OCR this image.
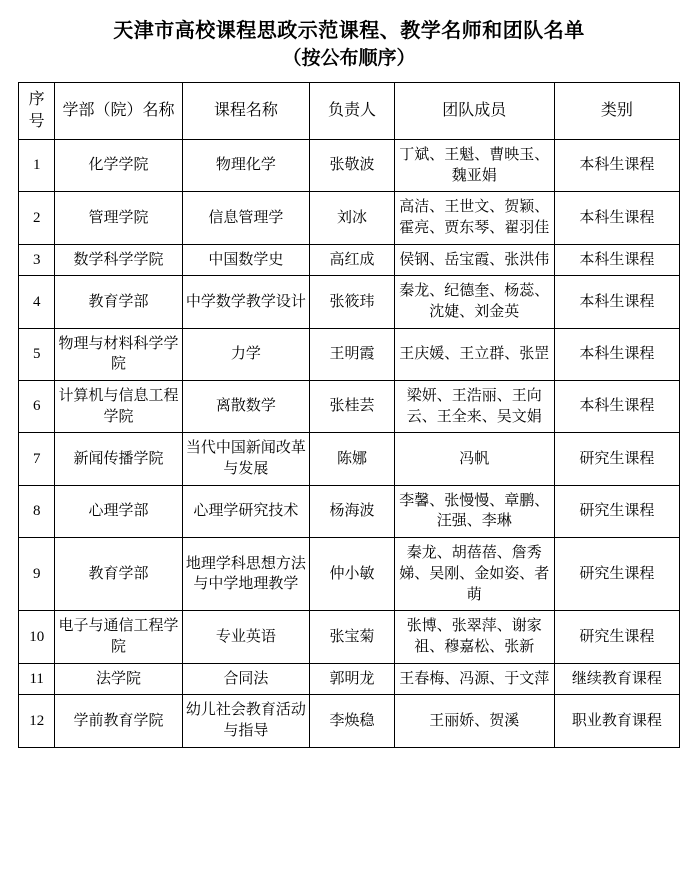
天津市高校课程思政示范课程、教学名师和团队名单
（按公布顺序）
序号	学部（院）名称	课程名称	负责人	团队成员	类别
1	化学学院	物理化学	张敬波	丁斌、王魁、曹映玉、魏亚娟	本科生课程
2	管理学院	信息管理学	刘冰	高洁、王世文、贺颖、霍亮、贾东琴、翟羽佳	本科生课程
3	数学科学学院	中国数学史	高红成	侯钢、岳宝霞、张洪伟	本科生课程
4	教育学部	中学数学教学设计	张筱玮	秦龙、纪德奎、杨蕊、沈婕、刘金英	本科生课程
5	物理与材料科学学院	力学	王明霞	王庆媛、王立群、张罡	本科生课程
6	计算机与信息工程学院	离散数学	张桂芸	梁妍、王浩丽、王向云、王全来、吴文娟	本科生课程
7	新闻传播学院	当代中国新闻改革与发展	陈娜	冯帆	研究生课程
8	心理学部	心理学研究技术	杨海波	李馨、张慢慢、章鹏、汪强、李琳	研究生课程
9	教育学部	地理学科思想方法与中学地理教学	仲小敏	秦龙、胡蓓蓓、詹秀娣、吴刚、金如姿、者萌	研究生课程
10	电子与通信工程学院	专业英语	张宝菊	张博、张翠萍、谢家祖、穆嘉松、张新	研究生课程
11	法学院	合同法	郭明龙	王春梅、冯源、于文萍	继续教育课程
12	学前教育学院	幼儿社会教育活动与指导	李焕稳	王丽娇、贺溪	职业教育课程
